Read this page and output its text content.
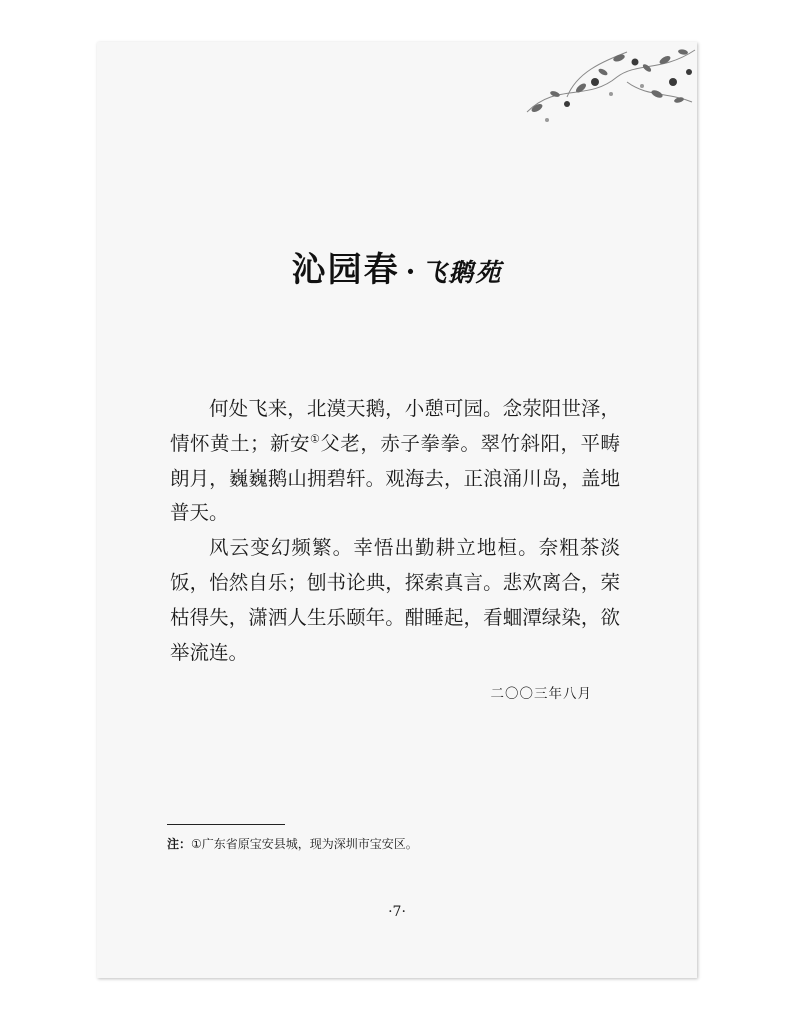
沁园春 · 飞鹅苑

何处飞来，北漠天鹅，小憩可园。念荥阳世泽，情怀黄土；新安①父老，赤子拳拳。翠竹斜阳，平畴朗月，巍巍鹅山拥碧轩。观海去，正浪涌川岛，盖地普天。

风云变幻频繁。幸悟出勤耕立地桓。奈粗茶淡饭，怡然自乐；刨书论典，探索真言。悲欢离合，荣枯得失，潇洒人生乐颐年。酣睡起，看蜖潭绿染，欲举流连。

二〇〇三年八月
注：①广东省原宝安县城，现为深圳市宝安区。
·7·
